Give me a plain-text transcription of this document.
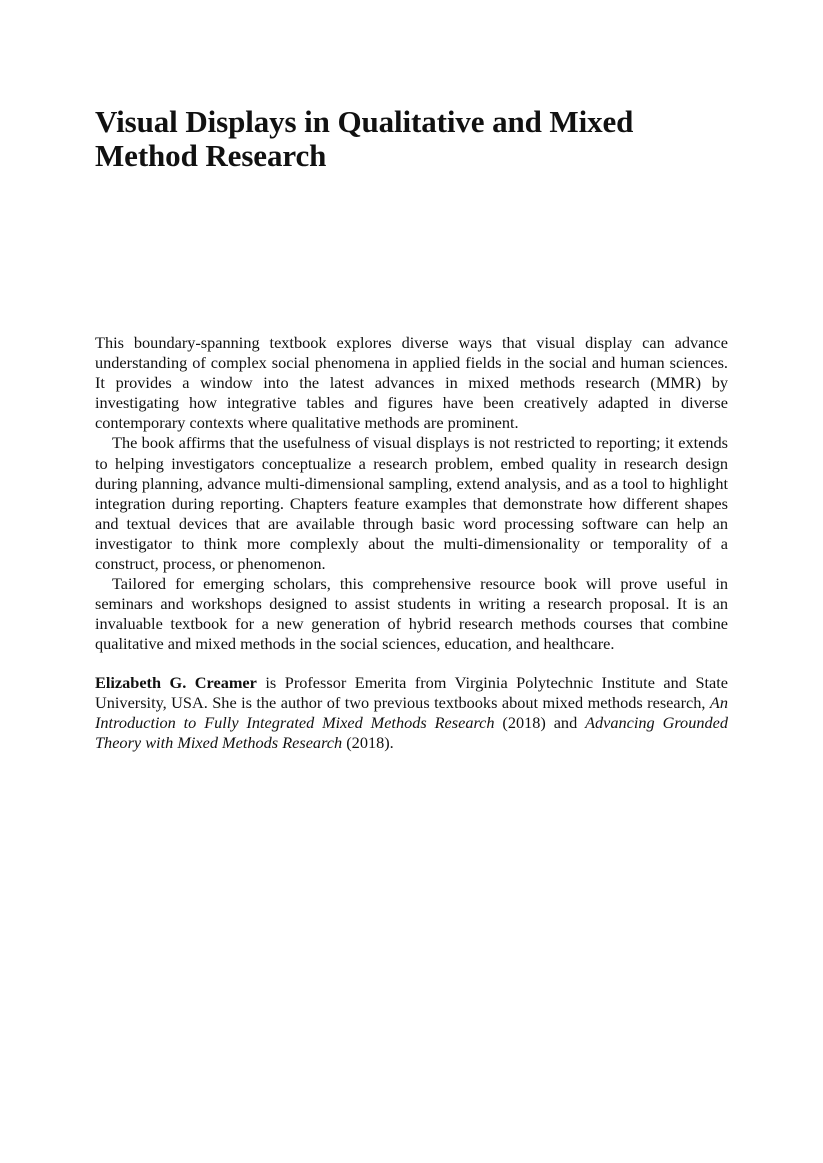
Visual Displays in Qualitative and Mixed
Method Research

This boundary-spanning textbook explores diverse ways that visual display can advance understanding of complex social phenomena in applied fields in the social and human sciences. It provides a window into the latest advances in mixed methods research (MMR) by investigating how integrative tables and figures have been creatively adapted in diverse contemporary contexts where qualitative methods are prominent.

The book affirms that the usefulness of visual displays is not restricted to reporting; it extends to helping investigators conceptualize a research problem, embed quality in research design during planning, advance multi-dimensional sampling, extend analysis, and as a tool to highlight integration during reporting. Chapters feature examples that demonstrate how different shapes and textual devices that are available through basic word processing software can help an investigator to think more complexly about the multi-dimensionality or temporality of a construct, process, or phenomenon.

Tailored for emerging scholars, this comprehensive resource book will prove useful in seminars and workshops designed to assist students in writing a research proposal. It is an invaluable textbook for a new generation of hybrid research methods courses that combine qualitative and mixed methods in the social sciences, education, and healthcare.

Elizabeth G. Creamer is Professor Emerita from Virginia Polytechnic Institute and State University, USA. She is the author of two previous textbooks about mixed methods research, An Introduction to Fully Integrated Mixed Methods Research (2018) and Advancing Grounded Theory with Mixed Methods Research (2018).
